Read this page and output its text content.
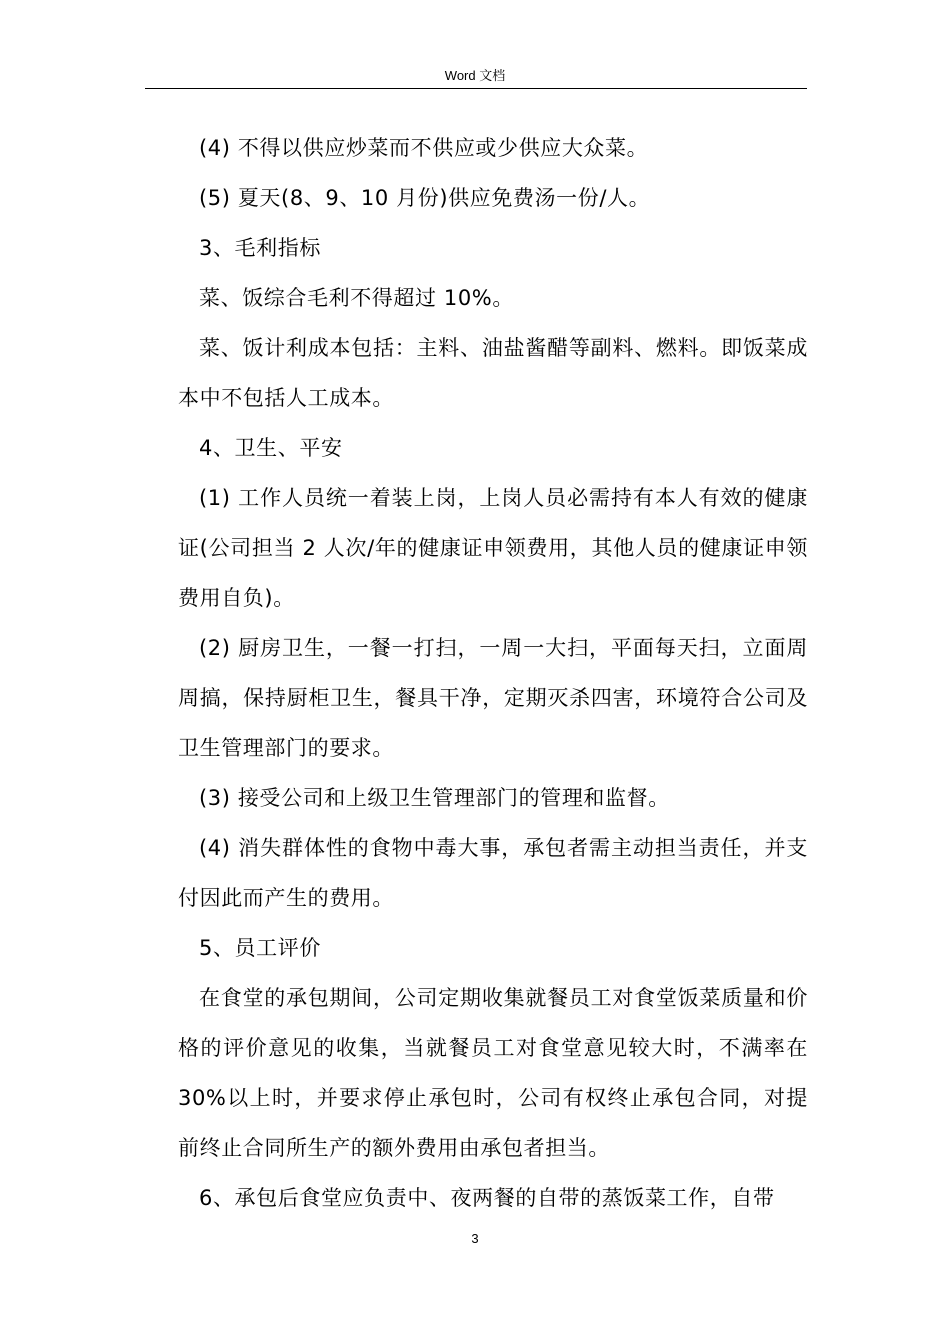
Word 文档

(4) 不得以供应炒菜而不供应或少供应大众菜。

(5) 夏天(8、9、10 月份)供应免费汤一份/人。

3、毛利指标

菜、饭综合毛利不得超过 10%。

菜、饭计利成本包括：主料、油盐酱醋等副料、燃料。即饭菜成本中不包括人工成本。

4、卫生、平安

(1) 工作人员统一着装上岗，上岗人员必需持有本人有效的健康证(公司担当 2 人次/年的健康证申领费用，其他人员的健康证申领费用自负)。

(2) 厨房卫生，一餐一打扫，一周一大扫，平面每天扫，立面周周搞，保持厨柜卫生，餐具干净，定期灭杀四害，环境符合公司及卫生管理部门的要求。

(3) 接受公司和上级卫生管理部门的管理和监督。

(4) 消失群体性的食物中毒大事，承包者需主动担当责任，并支付因此而产生的费用。

5、员工评价

在食堂的承包期间，公司定期收集就餐员工对食堂饭菜质量和价格的评价意见的收集，当就餐员工对食堂意见较大时，不满率在 30%以上时，并要求停止承包时，公司有权终止承包合同，对提前终止合同所生产的额外费用由承包者担当。

6、承包后食堂应负责中、夜两餐的自带的蒸饭菜工作，自带

3
